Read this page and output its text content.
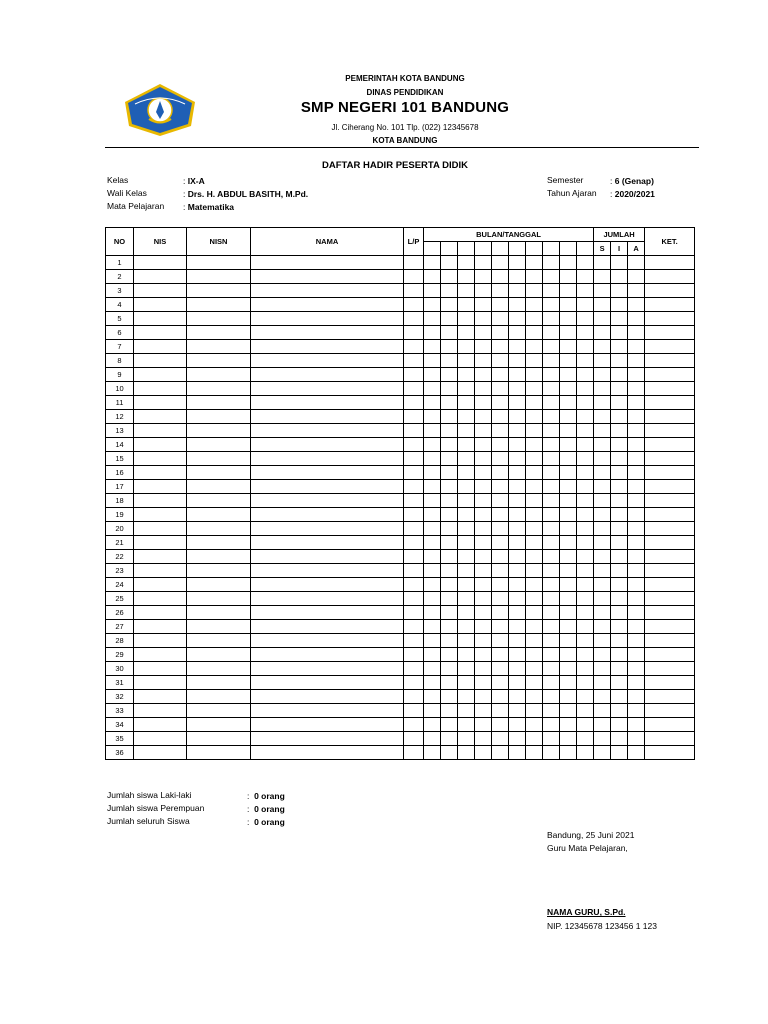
PEMERINTAH KOTA BANDUNG
DINAS PENDIDIKAN
SMP NEGERI 101 BANDUNG
Jl. Ciherang No. 101 Tlp. (022) 12345678
KOTA BANDUNG
DAFTAR HADIR PESERTA DIDIK
Kelas	: IX-A
Wali Kelas	: Drs. H. ABDUL BASITH, M.Pd.
Mata Pelajaran : Matematika
Semester	: 6 (Genap)
Tahun Ajaran : 2020/2021
NO	NIS	NISN	NAMA	L/P	BULAN/TANGGAL										JUMLAH			KET.
															S	I	A	
1																		
2																		
3																		
4																		
5																		
6																		
7																		
8																		
9																		
10																		
11																		
12																		
13																		
14																		
15																		
16																		
17																		
18																		
19																		
20																		
21																		
22																		
23																		
24																		
25																		
26																		
27																		
28																		
29																		
30																		
31																		
32																		
33																		
34																		
35																		
36																		
Jumlah siswa Laki-laki	:  0 orang
Jumlah siswa Perempuan	:  0 orang
Jumlah seluruh Siswa	:  0 orang
Bandung, 25 Juni 2021
Guru Mata Pelajaran,
NAMA GURU, S.Pd.
NIP. 12345678 123456 1 123
